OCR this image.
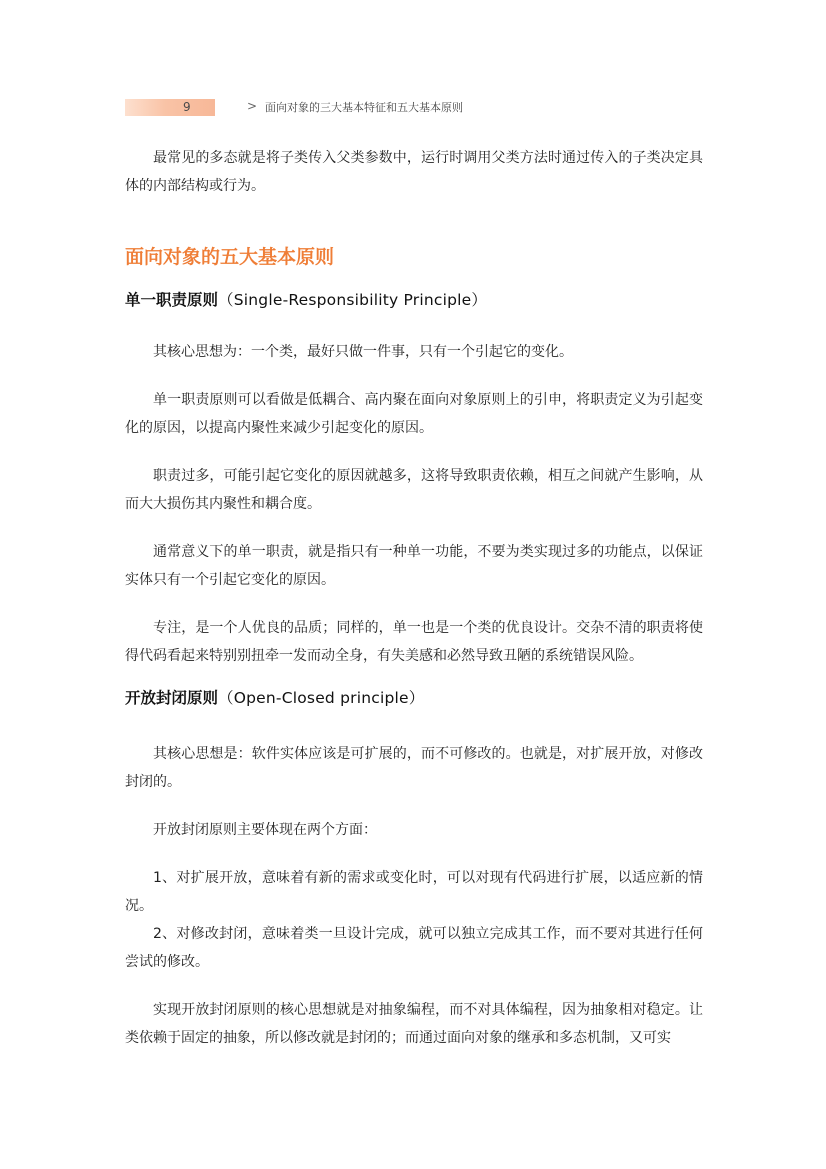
9	> 面向对象的三大基本特征和五大基本原则

最常见的多态就是将子类传入父类参数中，运行时调用父类方法时通过传入的子类决定具体的内部结构或行为。

面向对象的五大基本原则
单一职责原则（Single-Responsibility Principle）

其核心思想为：一个类，最好只做一件事，只有一个引起它的变化。

单一职责原则可以看做是低耦合、高内聚在面向对象原则上的引申，将职责定义为引起变化的原因，以提高内聚性来减少引起变化的原因。

职责过多，可能引起它变化的原因就越多，这将导致职责依赖，相互之间就产生影响，从而大大损伤其内聚性和耦合度。

通常意义下的单一职责，就是指只有一种单一功能，不要为类实现过多的功能点，以保证实体只有一个引起它变化的原因。

专注，是一个人优良的品质；同样的，单一也是一个类的优良设计。交杂不清的职责将使得代码看起来特别别扭牵一发而动全身，有失美感和必然导致丑陋的系统错误风险。

开放封闭原则（Open-Closed principle）

其核心思想是：软件实体应该是可扩展的，而不可修改的。也就是，对扩展开放，对修改封闭的。

开放封闭原则主要体现在两个方面：

1、对扩展开放，意味着有新的需求或变化时，可以对现有代码进行扩展，以适应新的情况。

2、对修改封闭，意味着类一旦设计完成，就可以独立完成其工作，而不要对其进行任何尝试的修改。

实现开放封闭原则的核心思想就是对抽象编程，而不对具体编程，因为抽象相对稳定。让类依赖于固定的抽象，所以修改就是封闭的；而通过面向对象的继承和多态机制，又可实
